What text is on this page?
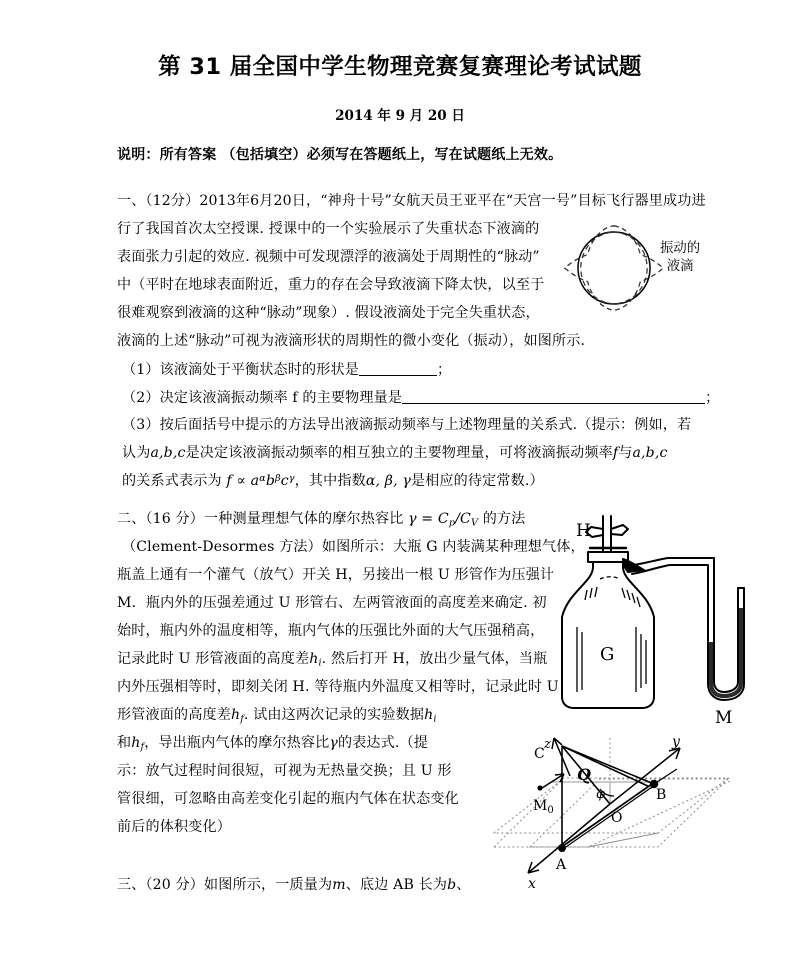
第 31 届全国中学生物理竞赛复赛理论考试试题
2014 年 9 月 20 日
说明：所有答案 （包括填空）必须写在答题纸上，写在试题纸上无效。
一、（12分）2013年6月20日，“神舟十号”女航天员王亚平在“天宫一号”目标飞行器里成功进
行了我国首次太空授课. 授课中的一个实验展示了失重状态下液滴的
表面张力引起的效应. 视频中可发现漂浮的液滴处于周期性的“脉动”
中（平时在地球表面附近，重力的存在会导致液滴下降太快，以至于
很难观察到液滴的这种“脉动”现象）. 假设液滴处于完全失重状态，
液滴的上述“脉动”可视为液滴形状的周期性的微小变化（振动），如图所示.
振动的
液滴
（1）该液滴处于平衡状态时的形状是	；
（2）决定该液滴振动频率 f 的主要物理量是	；
（3）按后面括号中提示的方法导出液滴振动频率与上述物理量的关系式.（提示：例如，若
认为a,b,c是决定该液滴振动频率的相互独立的主要物理量，可将液滴振动频率f与a,b,c
的关系式表示为 $f \propto a^\alpha b^\beta c^\gamma$，其中指数α, β, γ是相应的待定常数.）
二、（16 分）一种测量理想气体的摩尔热容比 $\gamma = C_p/C_V$ 的方法
（Clement-Desormes 方法）如图所示：大瓶 G 内装满某种理想气体，
瓶盖上通有一个灌气（放气）开关 H，另接出一根 U 形管作为压强计
M．瓶内外的压强差通过 U 形管右、左两管液面的高度差来确定. 初
始时，瓶内外的温度相等，瓶内气体的压强比外面的大气压强稍高，
记录此时 U 形管液面的高度差$h_i$. 然后打开 H，放出少量气体，当瓶
内外压强相等时，即刻关闭 H. 等待瓶内外温度又相等时，记录此时 U
形管液面的高度差$h_f$. 试由这两次记录的实验数据$h_i$
和$h_f$，导出瓶内气体的摩尔热容比γ的表达式.（提
示：放气过程时间很短，可视为无热量交换；且 U 形
管很细，可忽略由高差变化引起的瓶内气体在状态变化
前后的体积变化）
H
G
M
三、（20 分）如图所示，一质量为m、底边 AB 长为b、
C
Q
$M_0$
φ
O
A
B
x
y
z
